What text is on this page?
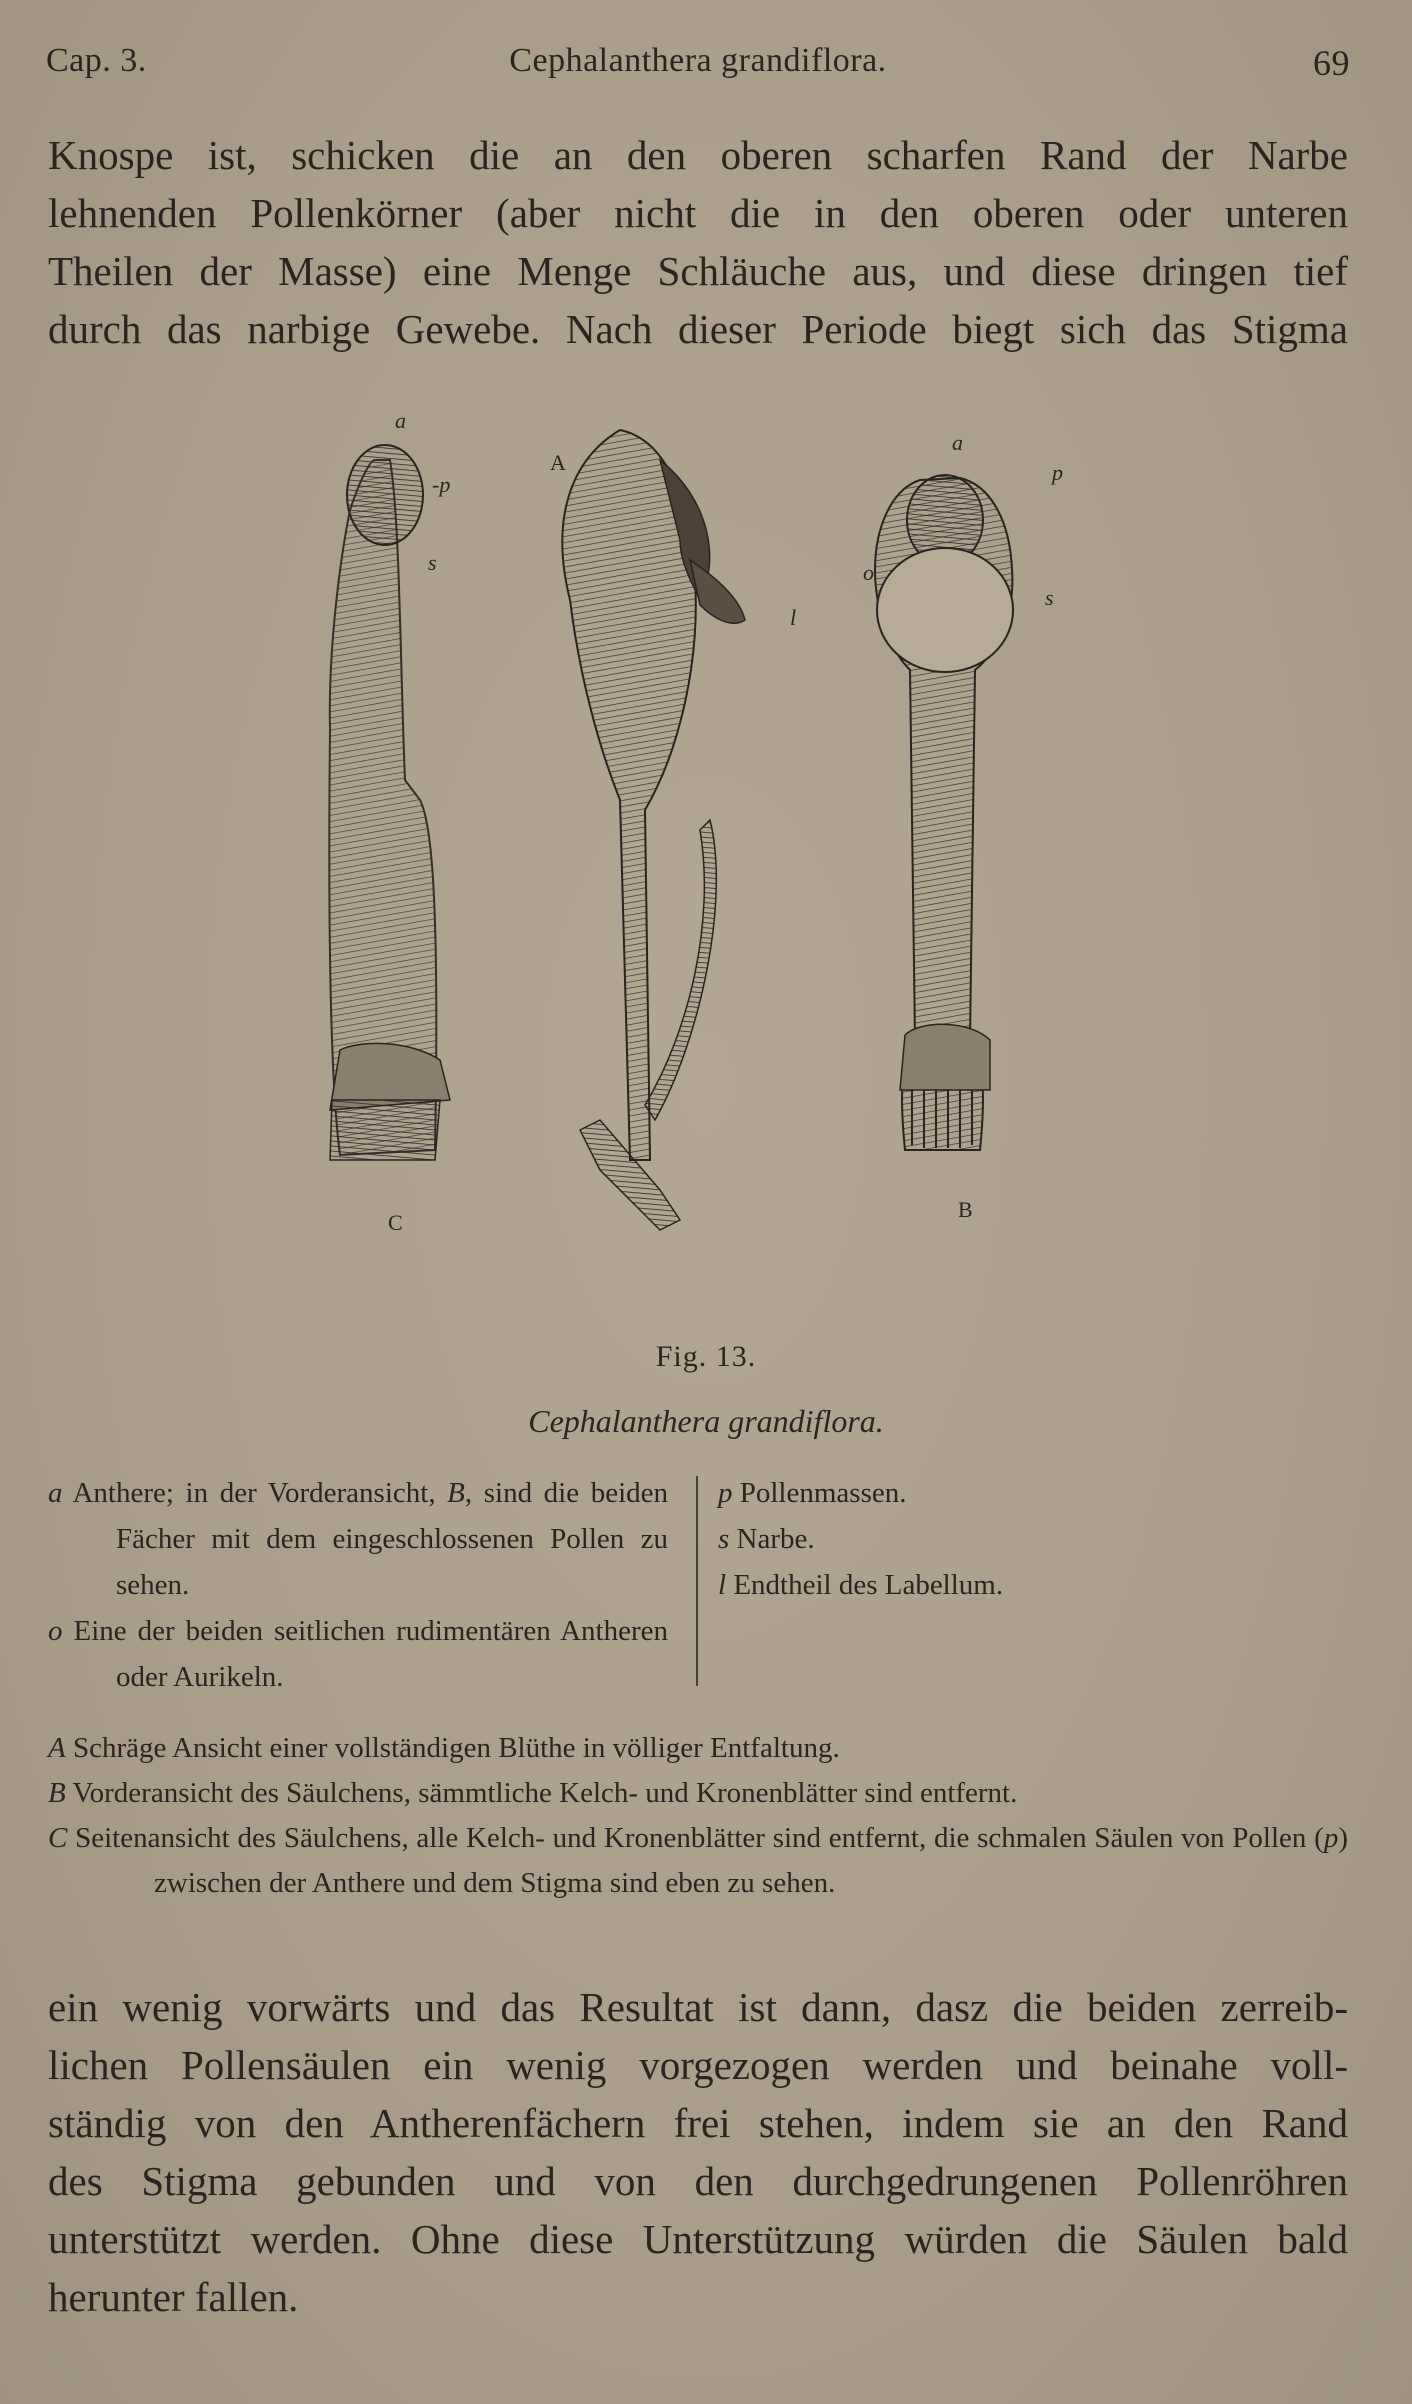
Cap. 3.	Cephalanthera grandiflora.	69
Knospe ist, schicken die an den oberen scharfen Rand der Narbe
lehnenden Pollenkörner (aber nicht die in den oberen oder unteren
Theilen der Masse) eine Menge Schläuche aus, und diese dringen tief
durch das narbige Gewebe. Nach dieser Periode biegt sich das Stigma
A
a
-p
s
l
a
p
o
s
C
B
Fig. 13.
Cephalanthera grandiflora.
a Anthere; in der Vorderansicht, B, sind die beiden Fächer mit dem eingeschlossenen Pollen zu sehen.
o Eine der beiden seitlichen rudimentären Antheren oder Aurikeln.
p Pollenmassen.
s Narbe.
l Endtheil des Labellum.
A Schräge Ansicht einer vollständigen Blüthe in völliger Entfaltung.
B Vorderansicht des Säulchens, sämmtliche Kelch- und Kronenblätter sind entfernt.
C Seitenansicht des Säulchens, alle Kelch- und Kronenblätter sind entfernt, die schmalen Säulen von Pollen (p) zwischen der Anthere und dem Stigma sind eben zu sehen.
ein wenig vorwärts und das Resultat ist dann, dasz die beiden zerreib-
lichen Pollensäulen ein wenig vorgezogen werden und beinahe voll-
ständig von den Antherenfächern frei stehen, indem sie an den Rand
des Stigma gebunden und von den durchgedrungenen Pollenröhren
unterstützt werden. Ohne diese Unterstützung würden die Säulen bald
herunter fallen.
